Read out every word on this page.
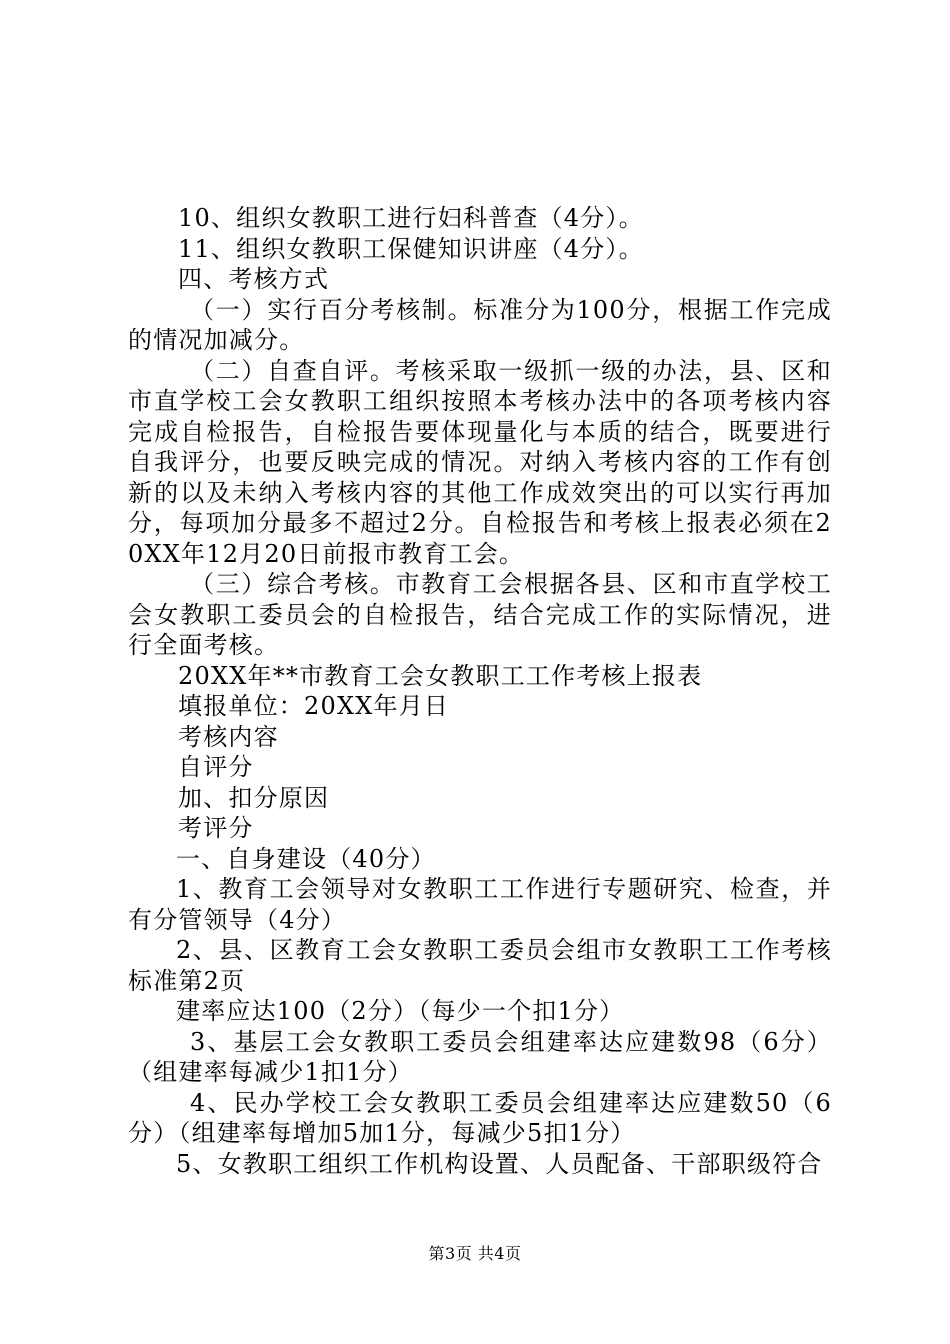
10、组织女教职工进行妇科普查（4分）。

11、组织女教职工保健知识讲座（4分）。

四、考核方式

（一）实行百分考核制。标准分为100分，根据工作完成的情况加减分。

（二）自查自评。考核采取一级抓一级的办法，县、区和市直学校工会女教职工组织按照本考核办法中的各项考核内容完成自检报告，自检报告要体现量化与本质的结合，既要进行自我评分，也要反映完成的情况。对纳入考核内容的工作有创新的以及未纳入考核内容的其他工作成效突出的可以实行再加分，每项加分最多不超过2分。自检报告和考核上报表必须在20XX年12月20日前报市教育工会。

（三）综合考核。市教育工会根据各县、区和市直学校工会女教职工委员会的自检报告，结合完成工作的实际情况，进行全面考核。

20XX年**市教育工会女教职工工作考核上报表

填报单位：20XX年月日

考核内容

自评分

加、扣分原因

考评分

一、自身建设（40分）

1、教育工会领导对女教职工工作进行专题研究、检查，并有分管领导（4分）

2、县、区教育工会女教职工委员会组市女教职工工作考核标准第2页

建率应达100（2分）（每少一个扣1分）

3、基层工会女教职工委员会组建率达应建数98（6分）（组建率每减少1扣1分）

4、民办学校工会女教职工委员会组建率达应建数50（6分）（组建率每增加5加1分，每减少5扣1分）

5、女教职工组织工作机构设置、人员配备、干部职级符合

第3页 共4页
